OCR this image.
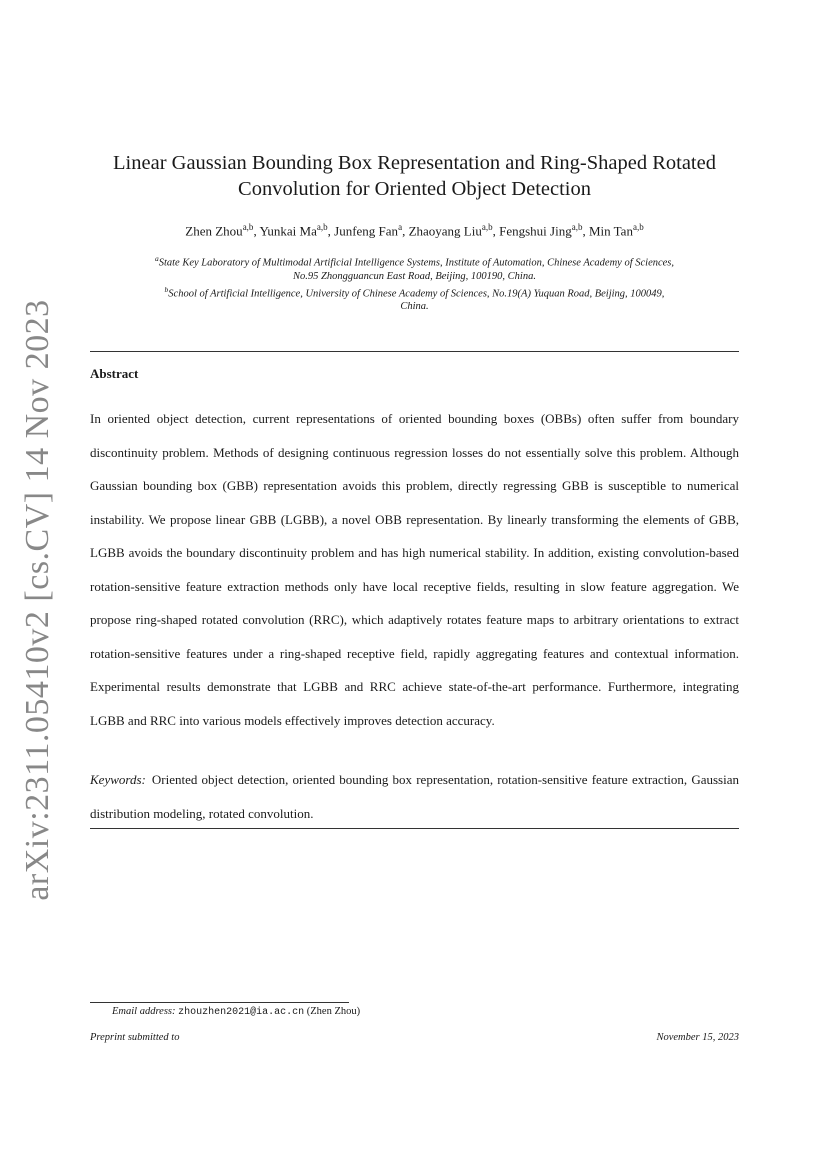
arXiv:2311.05410v2 [cs.CV] 14 Nov 2023
Linear Gaussian Bounding Box Representation and Ring-Shaped Rotated
Convolution for Oriented Object Detection
Zhen Zhou$^{a,b}$, Yunkai Ma$^{a,b}$, Junfeng Fan$^a$, Zhaoyang Liu$^{a,b}$, Fengshui Jing$^{a,b}$, Min Tan$^{a,b}$
$^a$State Key Laboratory of Multimodal Artificial Intelligence Systems, Institute of Automation, Chinese Academy of Sciences,
No.95 Zhongguancun East Road, Beijing, 100190, China.
$^b$School of Artificial Intelligence, University of Chinese Academy of Sciences, No.19(A) Yuquan Road, Beijing, 100049,
China.
Abstract
In oriented object detection, current representations of oriented bounding boxes (OBBs) often suffer from boundary discontinuity problem. Methods of designing continuous regression losses do not essentially solve this problem. Although Gaussian bounding box (GBB) representation avoids this problem, directly regressing GBB is susceptible to numerical instability. We propose linear GBB (LGBB), a novel OBB representation. By linearly transforming the elements of GBB, LGBB avoids the boundary discontinuity problem and has high numerical stability. In addition, existing convolution-based rotation-sensitive feature extraction methods only have local receptive fields, resulting in slow feature aggregation. We propose ring-shaped rotated convolution (RRC), which adaptively rotates feature maps to arbitrary orientations to extract rotation-sensitive features under a ring-shaped receptive field, rapidly aggregating features and contextual information. Experimental results demonstrate that LGBB and RRC achieve state-of-the-art performance. Furthermore, integrating LGBB and RRC into various models effectively improves detection accuracy.
Keywords: Oriented object detection, oriented bounding box representation, rotation-sensitive feature extraction, Gaussian distribution modeling, rotated convolution.
Email address: zhouzhen2021@ia.ac.cn (Zhen Zhou)
Preprint submitted to	November 15, 2023
